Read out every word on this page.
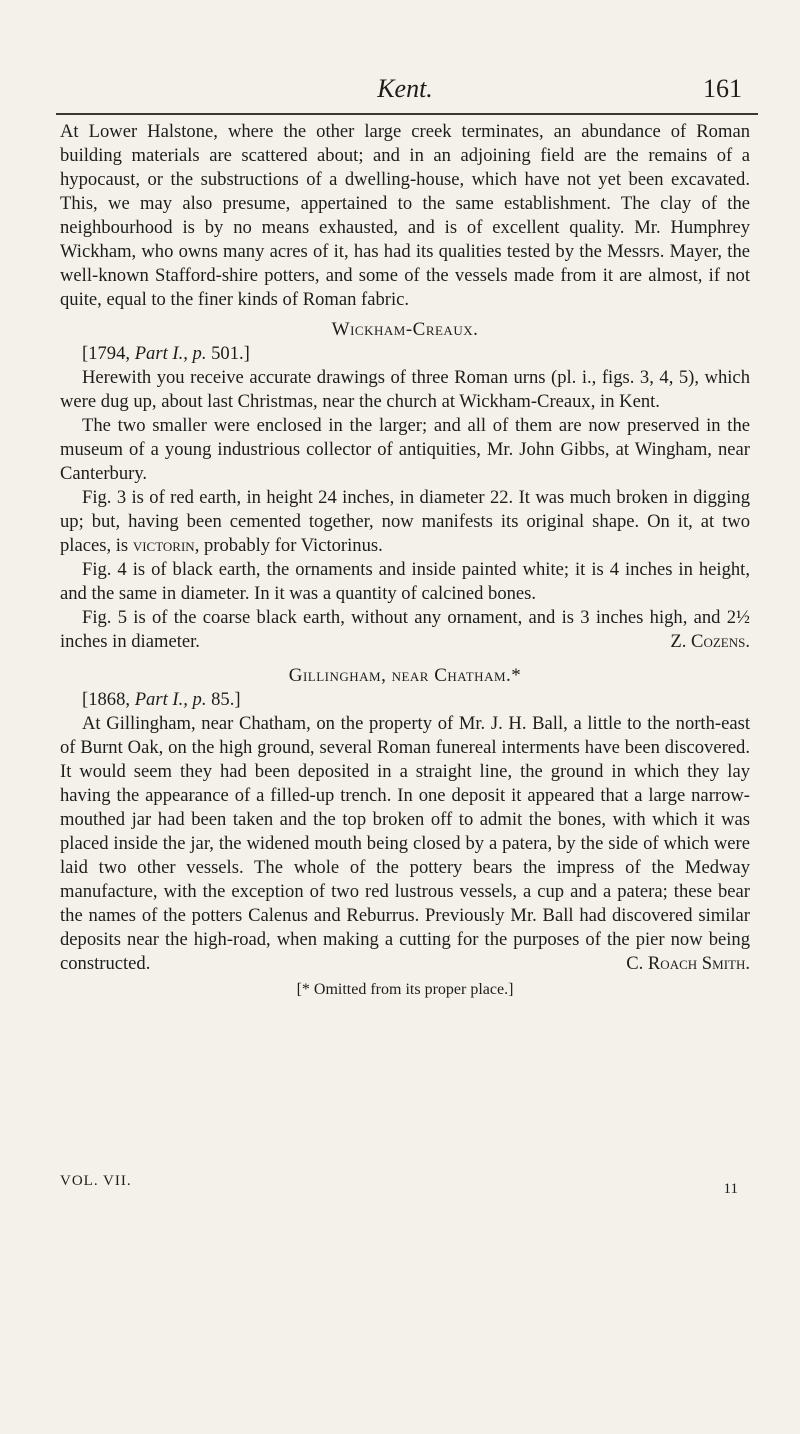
Kent.	161

At Lower Halstone, where the other large creek terminates, an abundance of Roman building materials are scattered about; and in an adjoining field are the remains of a hypocaust, or the substructions of a dwelling-house, which have not yet been excavated. This, we may also presume, appertained to the same establishment. The clay of the neighbourhood is by no means exhausted, and is of excellent quality. Mr. Humphrey Wickham, who owns many acres of it, has had its qualities tested by the Messrs. Mayer, the well-known Stafford-shire potters, and some of the vessels made from it are almost, if not quite, equal to the finer kinds of Roman fabric.

Wickham-Creaux.

[1794, Part I., p. 501.]

Herewith you receive accurate drawings of three Roman urns (pl. i., figs. 3, 4, 5), which were dug up, about last Christmas, near the church at Wickham-Creaux, in Kent.

The two smaller were enclosed in the larger; and all of them are now preserved in the museum of a young industrious collector of antiquities, Mr. John Gibbs, at Wingham, near Canterbury.

Fig. 3 is of red earth, in height 24 inches, in diameter 22. It was much broken in digging up; but, having been cemented together, now manifests its original shape. On it, at two places, is victorin, probably for Victorinus.

Fig. 4 is of black earth, the ornaments and inside painted white; it is 4 inches in height, and the same in diameter. In it was a quantity of calcined bones.

Fig. 5 is of the coarse black earth, without any ornament, and is 3 inches high, and 2½ inches in diameter.	Z. Cozens.

Gillingham, near Chatham.*

[1868, Part I., p. 85.]

At Gillingham, near Chatham, on the property of Mr. J. H. Ball, a little to the north-east of Burnt Oak, on the high ground, several Roman funereal interments have been discovered. It would seem they had been deposited in a straight line, the ground in which they lay having the appearance of a filled-up trench. In one deposit it appeared that a large narrow-mouthed jar had been taken and the top broken off to admit the bones, with which it was placed inside the jar, the widened mouth being closed by a patera, by the side of which were laid two other vessels. The whole of the pottery bears the impress of the Medway manufacture, with the exception of two red lustrous vessels, a cup and a patera; these bear the names of the potters Calenus and Reburrus. Previously Mr. Ball had discovered similar deposits near the high-road, when making a cutting for the purposes of the pier now being constructed.	C. Roach Smith.

[* Omitted from its proper place.]
VOL. VII.	11
